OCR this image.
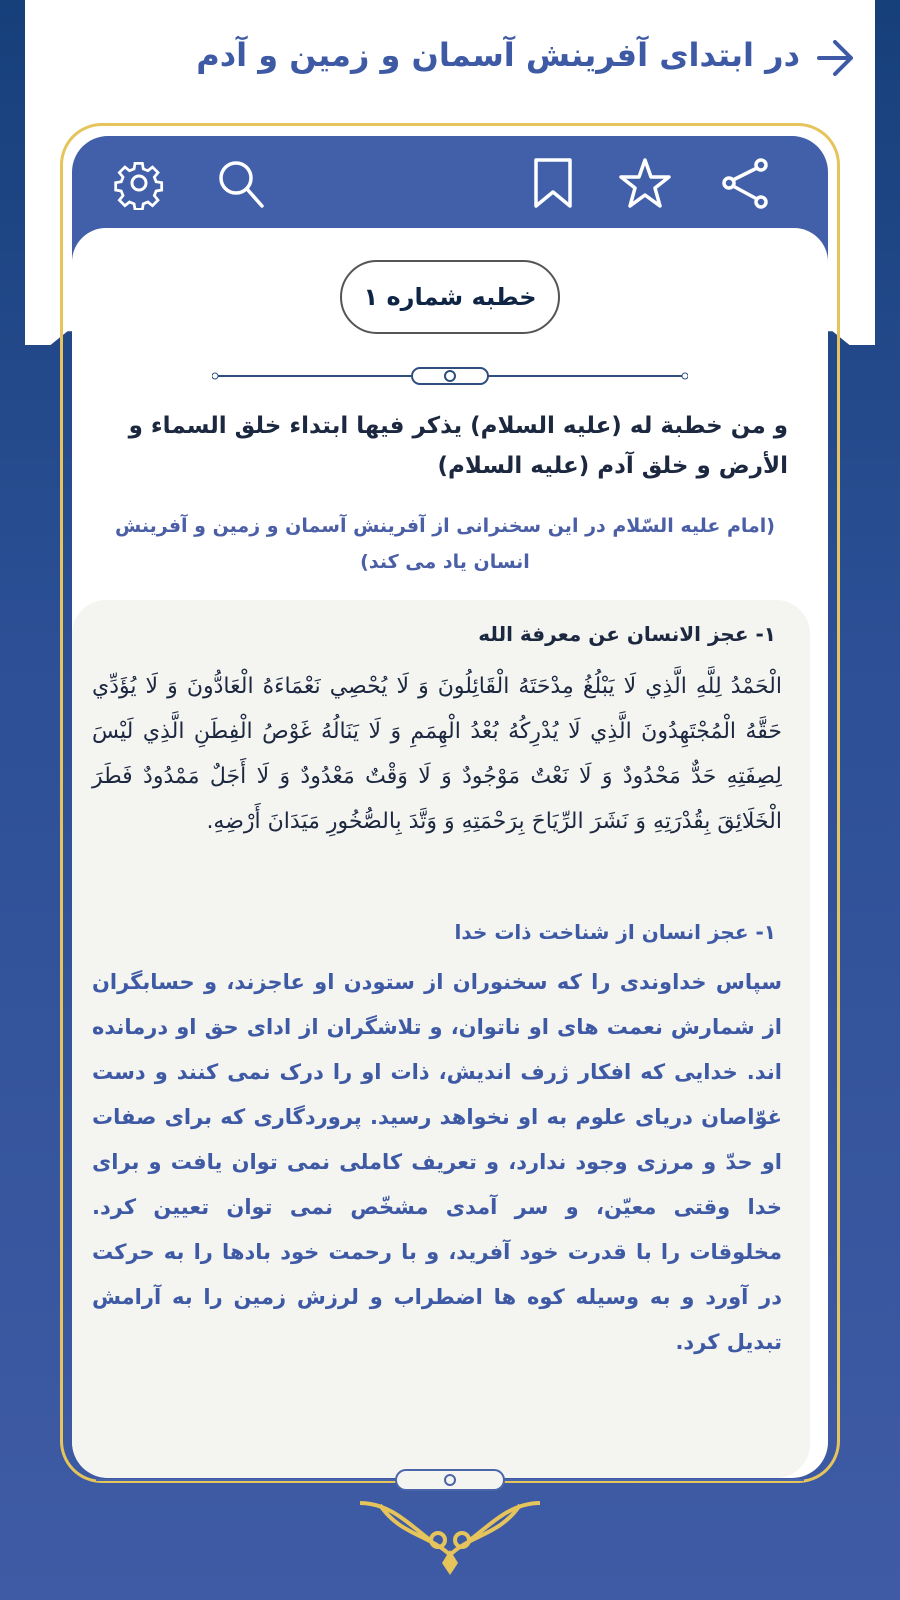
در ابتدای آفرینش آسمان و زمین و آدم
خطبه شماره ۱
و من خطبة له (عليه السلام) يذكر فيها ابتداء خلق السماء و الأرض و خلق آدم (عليه السلام)
(امام علیه السّلام در این سخنرانی از آفرینش آسمان و زمین و آفرینش انسان یاد می کند)
۱- عجز الانسان عن معرفة الله
الْحَمْدُ لِلَّهِ الَّذِي لَا يَبْلُغُ مِدْحَتَهُ الْقَائِلُونَ وَ لَا يُحْصِي نَعْمَاءَهُ الْعَادُّونَ وَ لَا يُؤَدِّي حَقَّهُ الْمُجْتَهِدُونَ الَّذِي لَا يُدْرِكُهُ بُعْدُ الْهِمَمِ وَ لَا يَنَالُهُ غَوْصُ الْفِطَنِ الَّذِي لَيْسَ لِصِفَتِهِ حَدٌّ مَحْدُودٌ وَ لَا نَعْتٌ مَوْجُودٌ وَ لَا وَقْتٌ مَعْدُودٌ وَ لَا أَجَلٌ مَمْدُودٌ فَطَرَ الْخَلَائِقَ بِقُدْرَتِهِ وَ نَشَرَ الرِّيَاحَ بِرَحْمَتِهِ وَ وَتَّدَ بِالصُّخُورِ مَيَدَانَ أَرْضِهِ.
۱- عجز انسان از شناخت ذات خدا
سپاس خداوندی را که سخنوران از ستودن او عاجزند، و حسابگران از شمارش نعمت های او ناتوان، و تلاشگران از ادای حق او درمانده اند. خدایی که افکار ژرف اندیش، ذات او را درک نمی کنند و دست غوّاصان دریای علوم به او نخواهد رسید. پروردگاری که برای صفات او حدّ و مرزی وجود ندارد، و تعریف کاملی نمی توان یافت و برای خدا وقتی معیّن، و سر آمدی مشخّص نمی توان تعیین کرد. مخلوقات را با قدرت خود آفرید، و با رحمت خود بادها را به حرکت در آورد و به وسیله کوه ها اضطراب و لرزش زمین را به آرامش تبدیل کرد.
